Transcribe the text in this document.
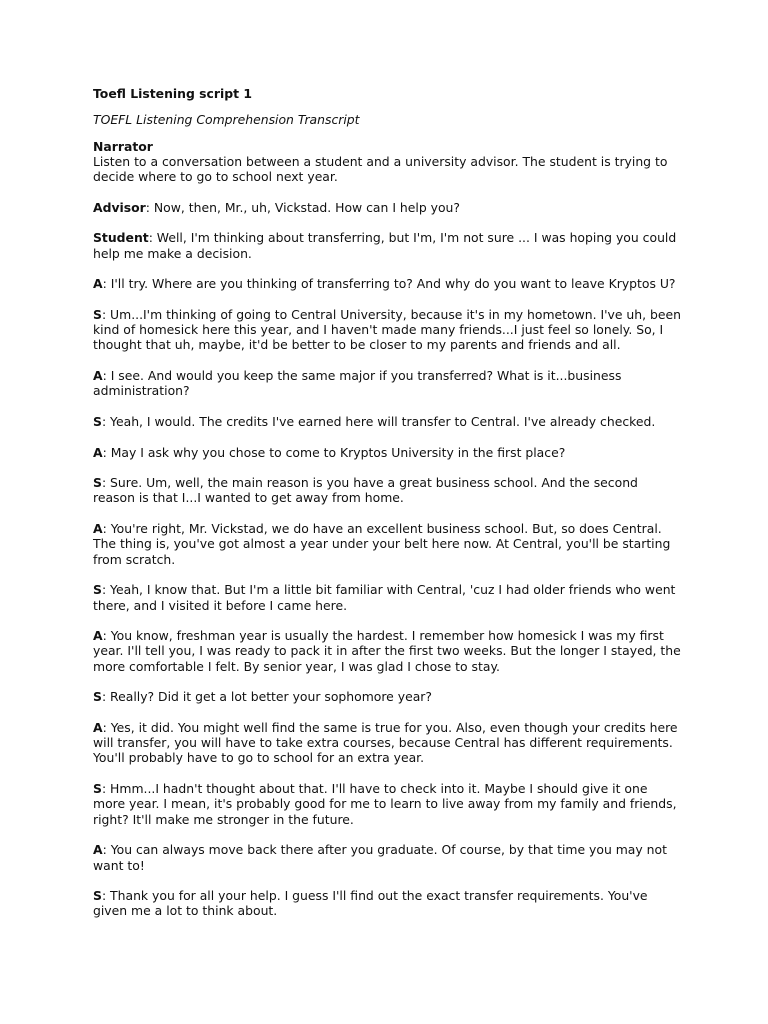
Toefl Listening script 1
TOEFL Listening Comprehension Transcript
Narrator
Listen to a conversation between a student and a university advisor. The student is trying to decide where to go to school next year.
Advisor: Now, then, Mr., uh, Vickstad. How can I help you?
Student: Well, I'm thinking about transferring, but I'm, I'm not sure ... I was hoping you could help me make a decision.
A: I'll try. Where are you thinking of transferring to? And why do you want to leave Kryptos U?
S: Um...I'm thinking of going to Central University, because it's in my hometown. I've uh, been kind of homesick here this year, and I haven't made many friends...I just feel so lonely. So, I thought that uh, maybe, it'd be better to be closer to my parents and friends and all.
A: I see. And would you keep the same major if you transferred? What is it...business administration?
S: Yeah, I would. The credits I've earned here will transfer to Central. I've already checked.
A: May I ask why you chose to come to Kryptos University in the first place?
S: Sure. Um, well, the main reason is you have a great business school. And the second reason is that I...I wanted to get away from home.
A: You're right, Mr. Vickstad, we do have an excellent business school. But, so does Central. The thing is, you've got almost a year under your belt here now. At Central, you'll be starting from scratch.
S: Yeah, I know that. But I'm a little bit familiar with Central, 'cuz I had older friends who went there, and I visited it before I came here.
A: You know, freshman year is usually the hardest. I remember how homesick I was my first year. I'll tell you, I was ready to pack it in after the first two weeks. But the longer I stayed, the more comfortable I felt. By senior year, I was glad I chose to stay.
S: Really? Did it get a lot better your sophomore year?
A: Yes, it did. You might well find the same is true for you. Also, even though your credits here will transfer, you will have to take extra courses, because Central has different requirements. You'll probably have to go to school for an extra year.
S: Hmm...I hadn't thought about that. I'll have to check into it. Maybe I should give it one more year. I mean, it's probably good for me to learn to live away from my family and friends, right? It'll make me stronger in the future.
A: You can always move back there after you graduate. Of course, by that time you may not want to!
S: Thank you for all your help. I guess I'll find out the exact transfer requirements. You've given me a lot to think about.
